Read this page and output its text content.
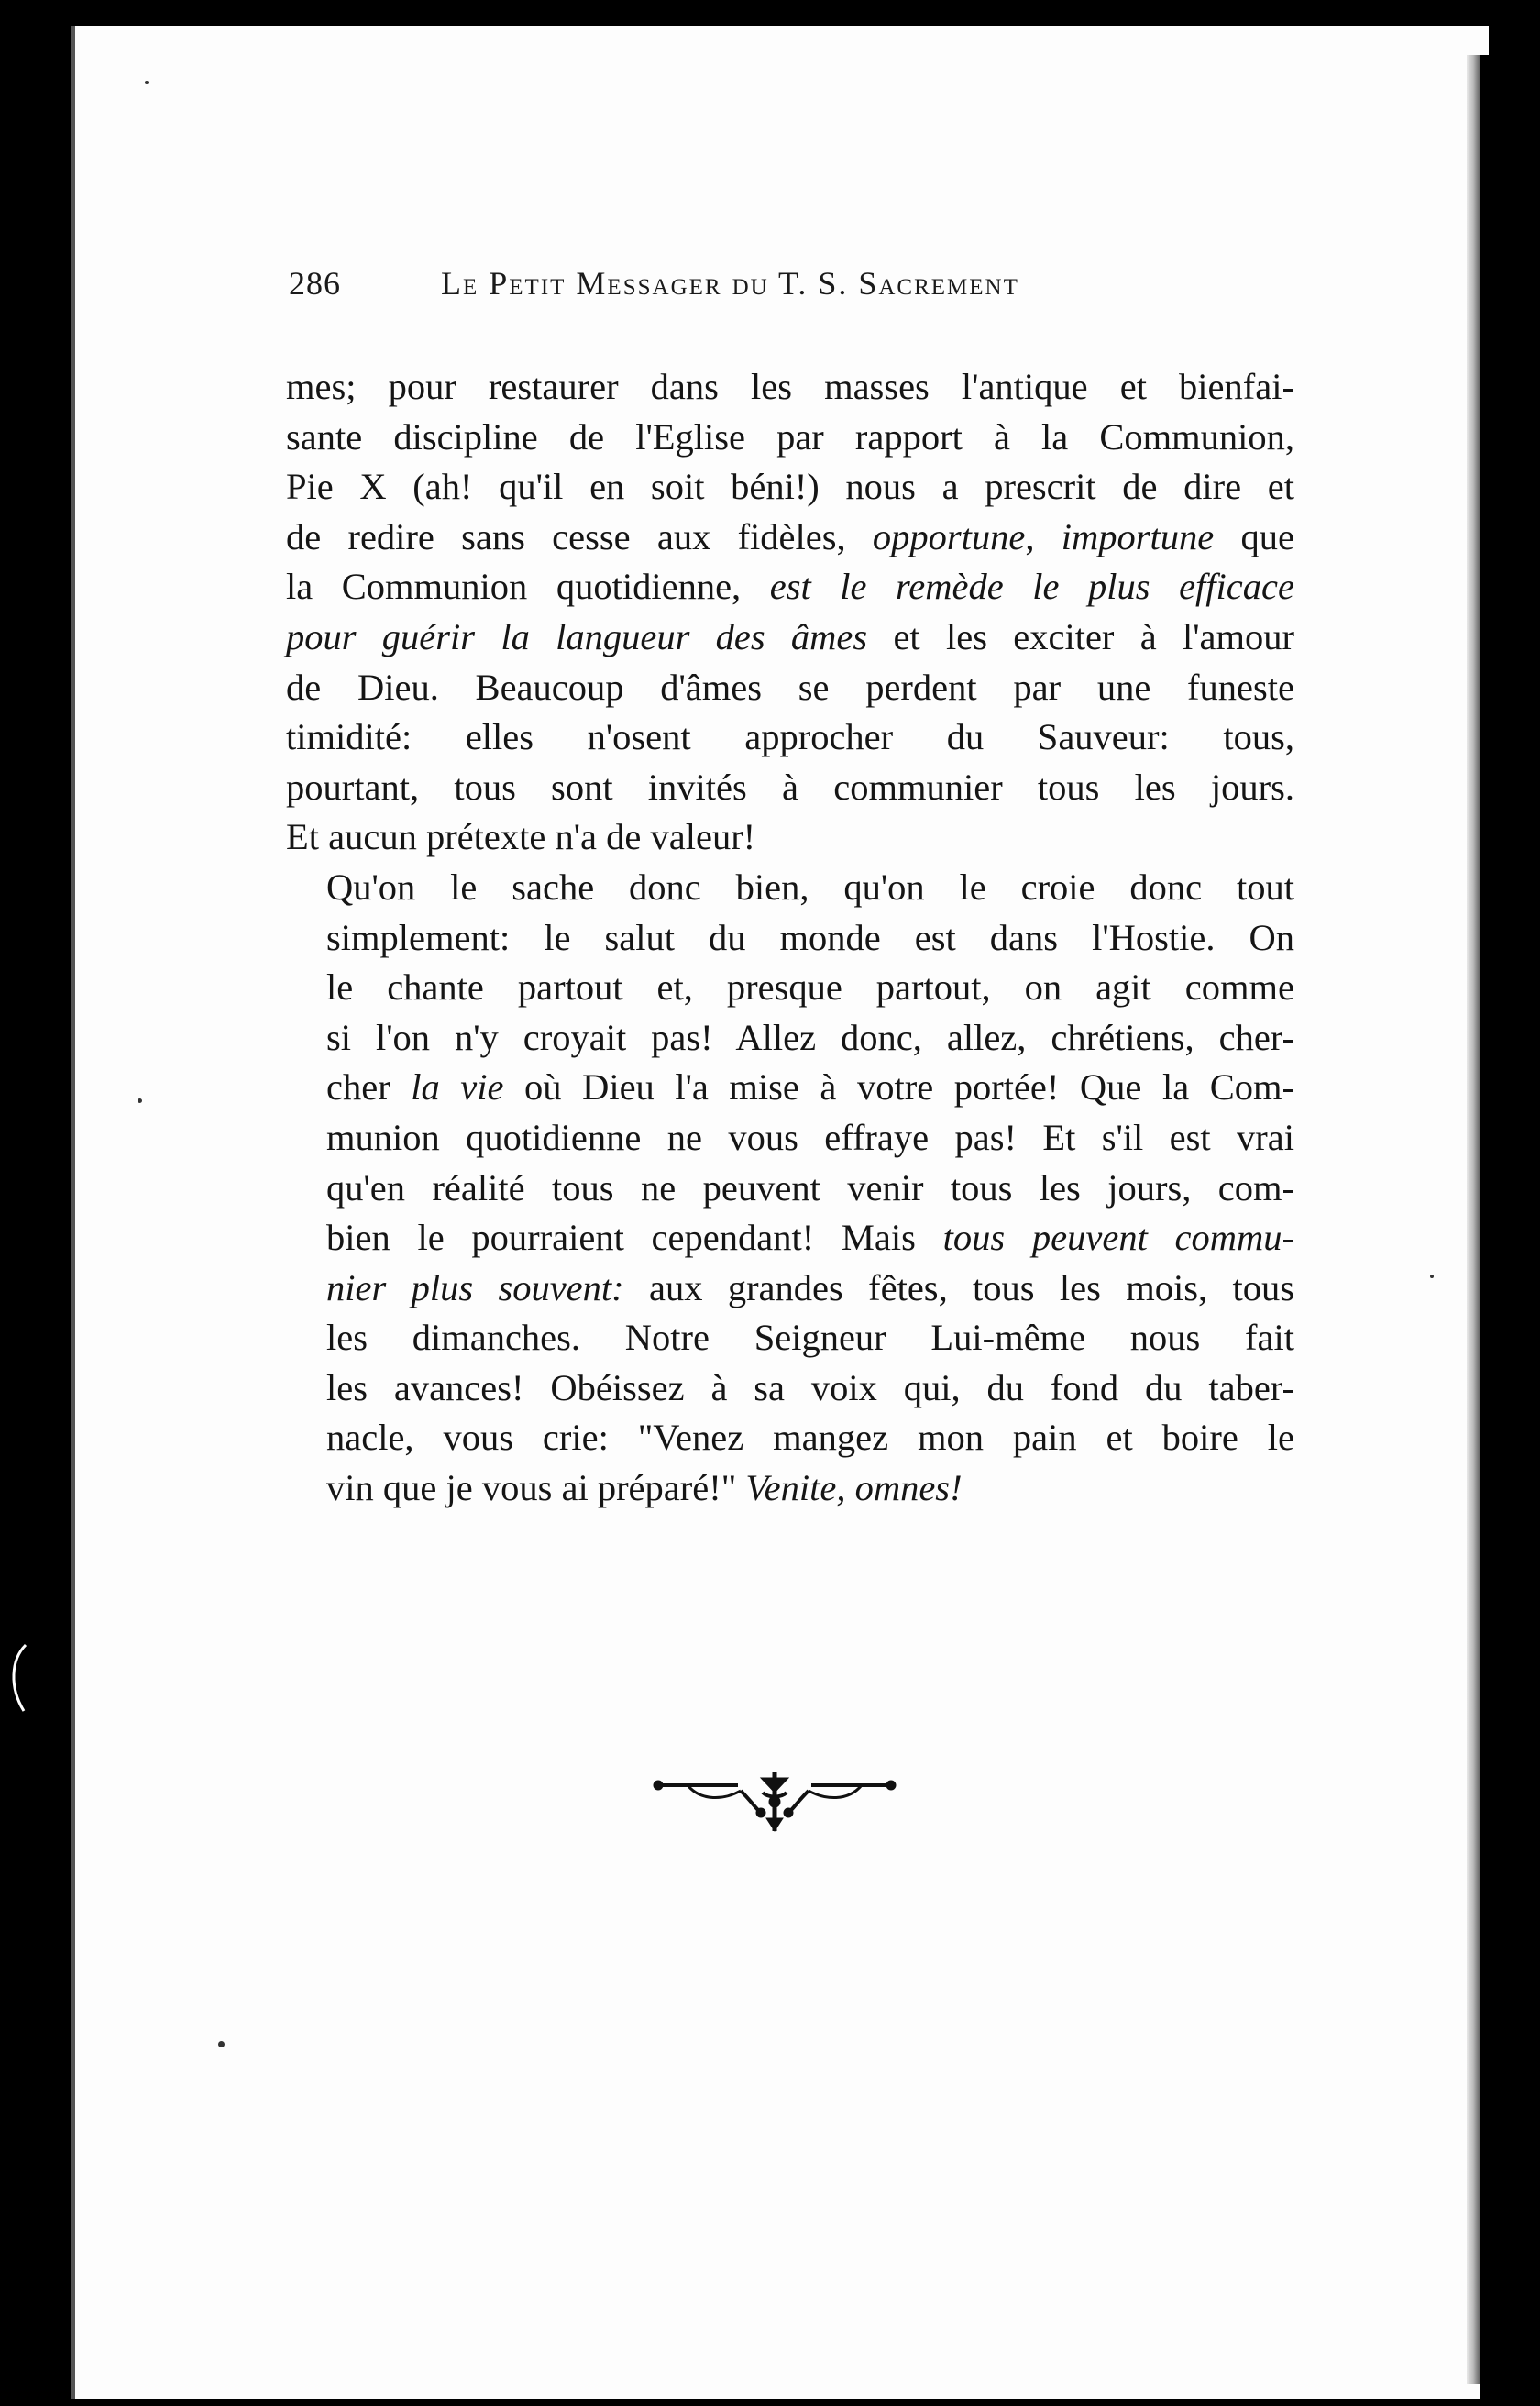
286	Le Petit Messager du T. S. Sacrement

mes; pour restaurer dans les masses l'antique et bienfai-
sante discipline de l'Eglise par rapport à la Communion,
Pie X (ah! qu'il en soit béni!) nous a prescrit de dire et
de redire sans cesse aux fidèles, opportune, importune que
la Communion quotidienne, est le remède le plus efficace
pour guérir la langueur des âmes et les exciter à l'amour
de Dieu. Beaucoup d'âmes se perdent par une funeste
timidité: elles n'osent approcher du Sauveur: tous,
pourtant, tous sont invités à communier tous les jours.
Et aucun prétexte n'a de valeur!

Qu'on le sache donc bien, qu'on le croie donc tout
simplement: le salut du monde est dans l'Hostie. On
le chante partout et, presque partout, on agit comme
si l'on n'y croyait pas! Allez donc, allez, chrétiens, cher-
cher la vie où Dieu l'a mise à votre portée! Que la Com-
munion quotidienne ne vous effraye pas! Et s'il est vrai
qu'en réalité tous ne peuvent venir tous les jours, com-
bien le pourraient cependant! Mais tous peuvent commu-
nier plus souvent: aux grandes fêtes, tous les mois, tous
les dimanches. Notre Seigneur Lui-même nous fait
les avances! Obéissez à sa voix qui, du fond du taber-
nacle, vous crie: "Venez mangez mon pain et boire le
vin que je vous ai préparé!" Venite, omnes!
